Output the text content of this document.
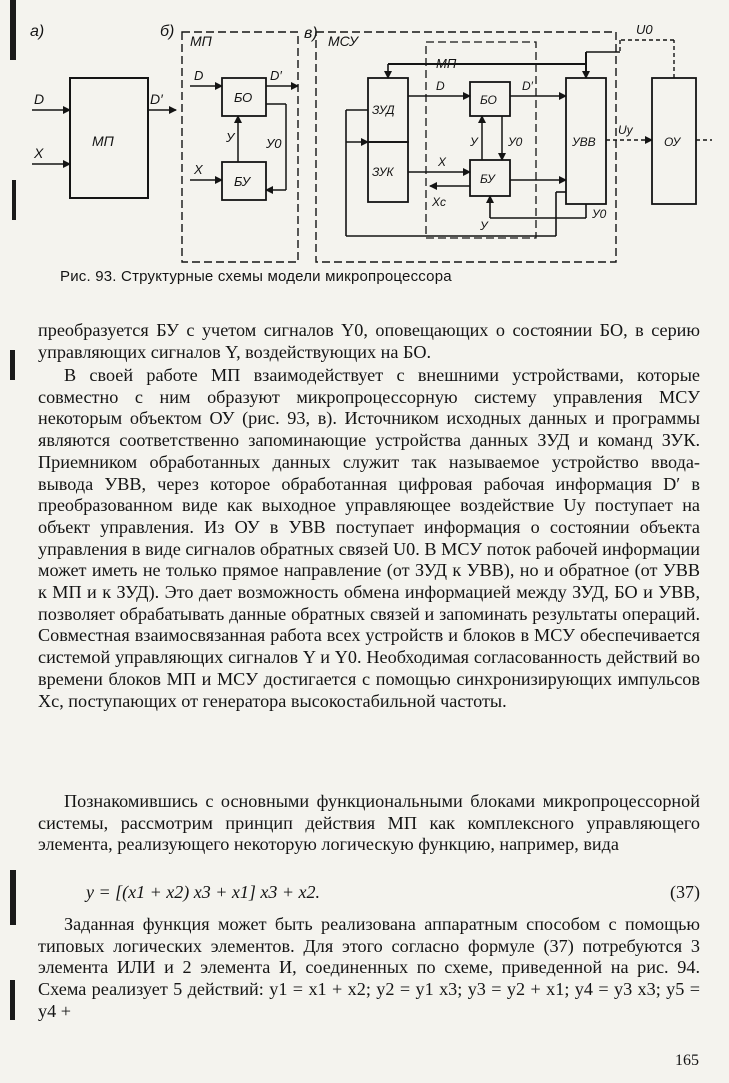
а)	б)	в)
МП
D
X
D′
МП
БО
БУ
D	D′
X
У У0
МСУ
МП
ЗУД
ЗУК
БО
БУ
УВВ	ОУ
D	D′
X
Xc
У	У0
У
У0
Uу
U0
Рис. 93. Структурные схемы модели микропроцессора

преобразуется БУ с учетом сигналов Y0, оповещающих о состоянии БО, в серию управляющих сигналов Y, воздействующих на БО.

В своей работе МП взаимодействует с внешними устройствами, которые совместно с ним образуют микропроцессорную систему управления МСУ некоторым объектом ОУ (рис. 93, в). Источником исходных данных и программы являются соответственно запоминающие устройства данных ЗУД и команд ЗУК. Приемником обработанных данных служит так называемое устройство ввода-вывода УВВ, через которое обработанная цифровая рабочая информация D′ в преобразованном виде как выходное управляющее воздействие Uу поступает на объект управления. Из ОУ в УВВ поступает информация о состоянии объекта управления в виде сигналов обратных связей U0. В МСУ поток рабочей информации может иметь не только прямое направление (от ЗУД к УВВ), но и обратное (от УВВ к МП и к ЗУД). Это дает возможность обмена информацией между ЗУД, БО и УВВ, позволяет обрабатывать данные обратных связей и запоминать результаты операций. Совместная взаимосвязанная работа всех устройств и блоков в МСУ обеспечивается системой управляющих сигналов Y и Y0. Необходимая согласованность действий во времени блоков МП и МСУ достигается с помощью синхронизирующих импульсов Xс, поступающих от генератора высокостабильной частоты.

Познакомившись с основными функциональными блоками микропроцессорной системы, рассмотрим принцип действия МП как комплексного управляющего элемента, реализующего некоторую логическую функцию, например, вида

y = [(x1 + x2) x3 + x1] x3 + x2.	(37)

Заданная функция может быть реализована аппаратным способом с помощью типовых логических элементов. Для этого согласно формуле (37) потребуются 3 элемента ИЛИ и 2 элемента И, соединенных по схеме, приведенной на рис. 94. Схема реализует 5 действий: y1 = x1 + x2; y2 = y1 x3; y3 = y2 + x1; y4 = y3 x3; y5 = y4 +

165
